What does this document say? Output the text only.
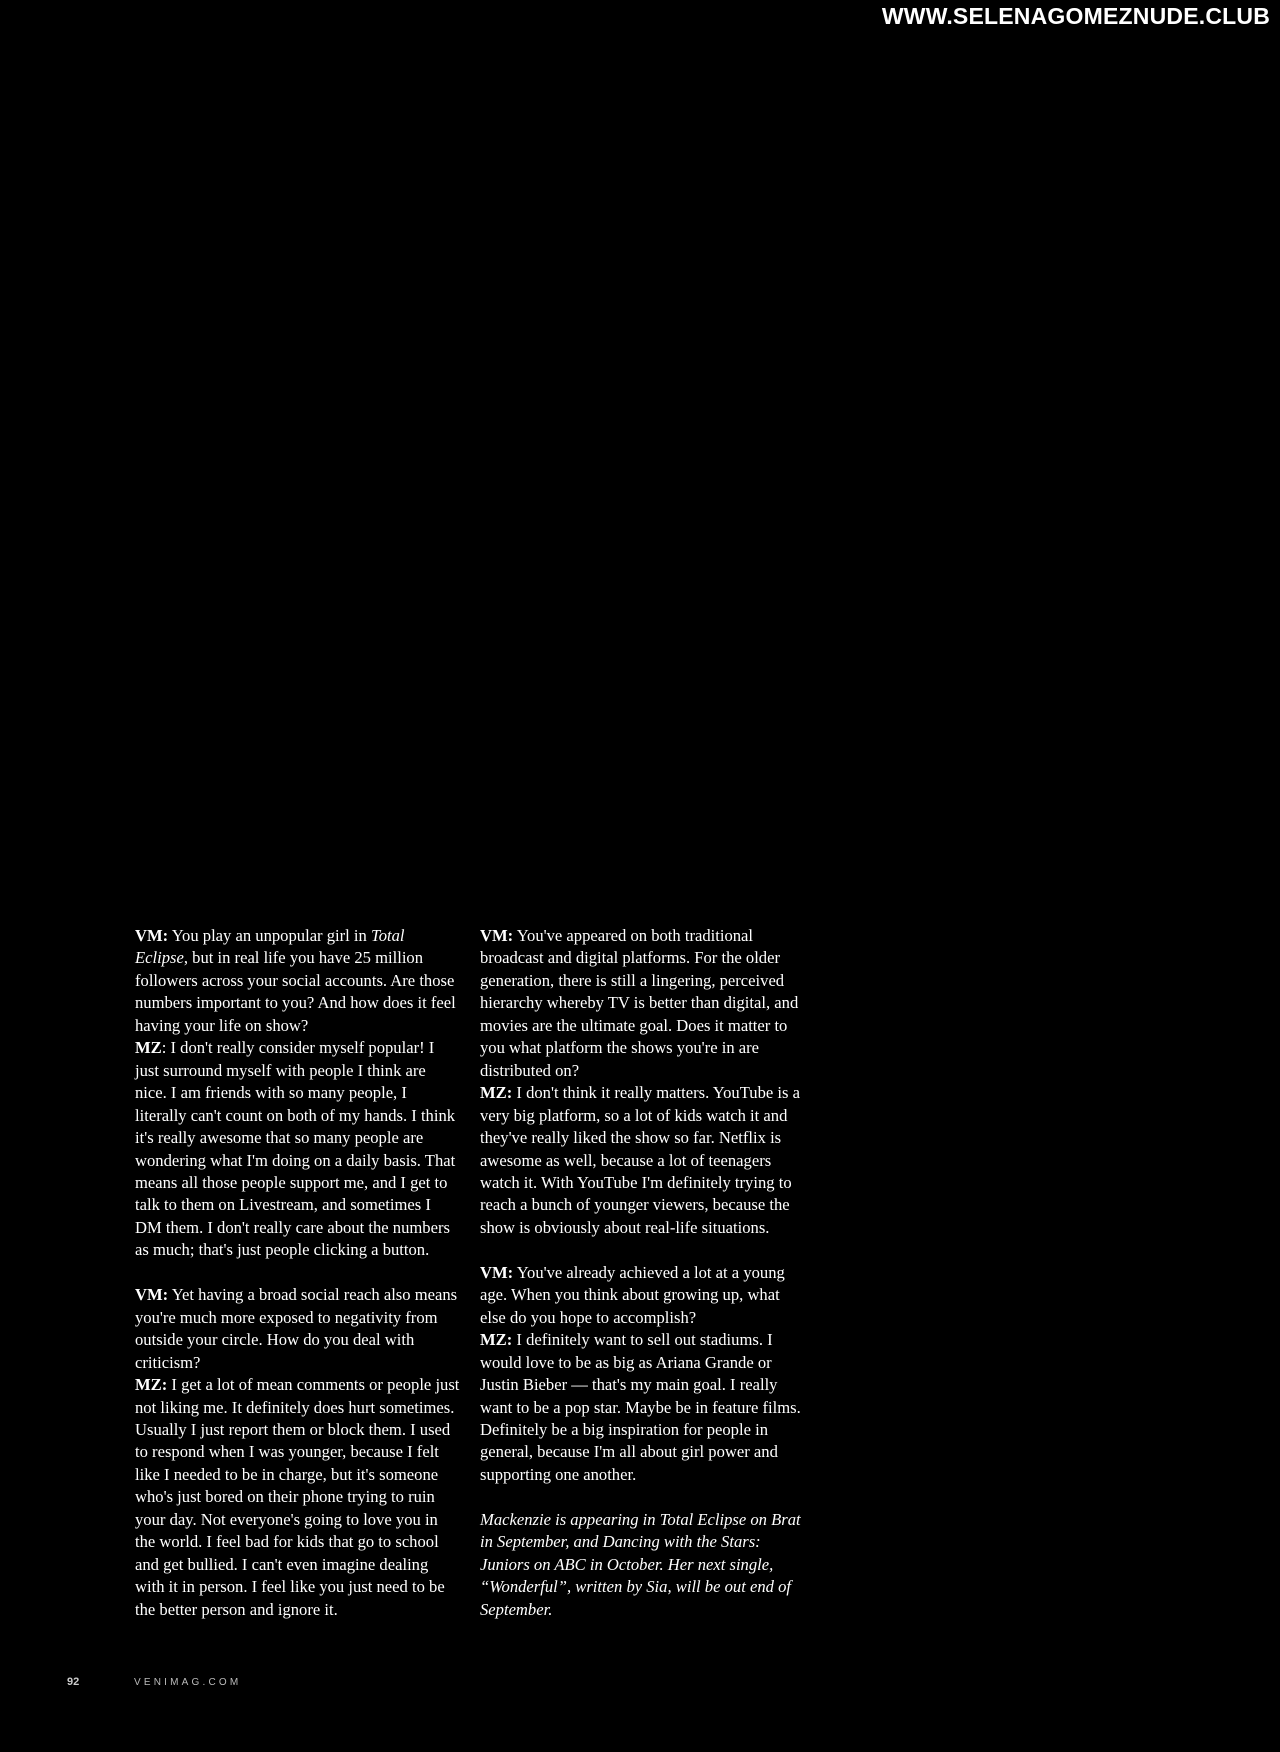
WWW.SELENAGOMEZNUDE.CLUB

VM: You play an unpopular girl in Total Eclipse, but in real life you have 25 million followers across your social accounts. Are those numbers important to you? And how does it feel having your life on show?

MZ: I don't really consider myself popular! I just surround myself with people I think are nice. I am friends with so many people, I literally can't count on both of my hands. I think it's really awesome that so many people are wondering what I'm doing on a daily basis. That means all those people support me, and I get to talk to them on Livestream, and sometimes I DM them. I don't really care about the numbers as much; that's just people clicking a button.

VM: Yet having a broad social reach also means you're much more exposed to negativity from outside your circle. How do you deal with criticism?

MZ: I get a lot of mean comments or people just not liking me. It definitely does hurt sometimes. Usually I just report them or block them. I used to respond when I was younger, because I felt like I needed to be in charge, but it's someone who's just bored on their phone trying to ruin your day. Not everyone's going to love you in the world. I feel bad for kids that go to school and get bullied. I can't even imagine dealing with it in person. I feel like you just need to be the better person and ignore it.

VM: You've appeared on both traditional broadcast and digital platforms. For the older generation, there is still a lingering, perceived hierarchy whereby TV is better than digital, and movies are the ultimate goal. Does it matter to you what platform the shows you're in are distributed on?

MZ: I don't think it really matters. YouTube is a very big platform, so a lot of kids watch it and they've really liked the show so far. Netflix is awesome as well, because a lot of teenagers watch it. With YouTube I'm definitely trying to reach a bunch of younger viewers, because the show is obviously about real-life situations.

VM: You've already achieved a lot at a young age. When you think about growing up, what else do you hope to accomplish?

MZ: I definitely want to sell out stadiums. I would love to be as big as Ariana Grande or Justin Bieber — that's my main goal. I really want to be a pop star. Maybe be in feature films. Definitely be a big inspiration for people in general, because I'm all about girl power and supporting one another.

Mackenzie is appearing in Total Eclipse on Brat in September, and Dancing with the Stars: Juniors on ABC in October. Her next single, “Wonderful”, written by Sia, will be out end of September.

92	VENIMAG.COM
